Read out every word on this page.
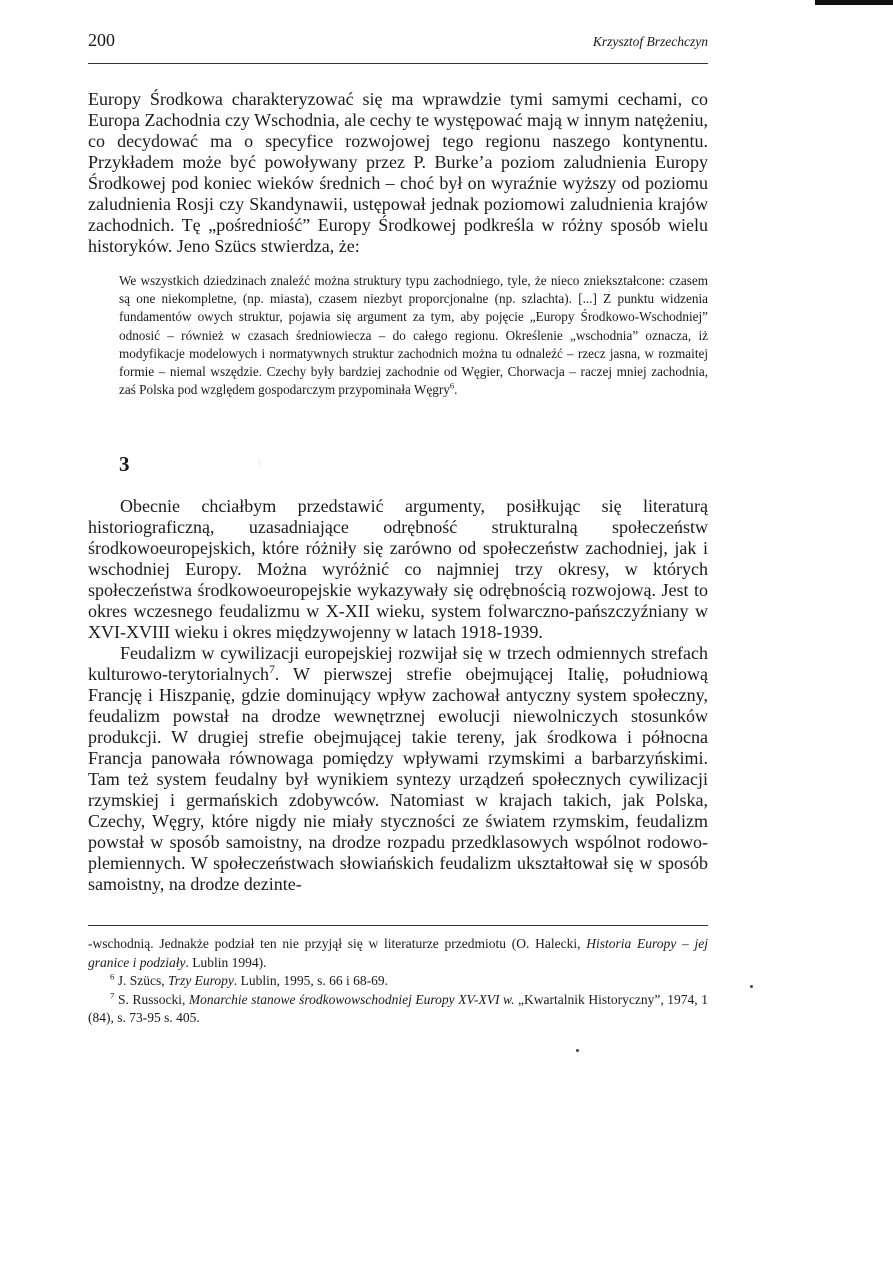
200	Krzysztof Brzechczyn

Europy Środkowa charakteryzować się ma wprawdzie tymi samymi cechami, co Europa Zachodnia czy Wschodnia, ale cechy te występować mają w innym natężeniu, co decydować ma o specyfice rozwojowej tego regionu naszego kontynentu. Przykładem może być powoływany przez P. Burke’a poziom zaludnienia Europy Środkowej pod koniec wieków średnich – choć był on wyraźnie wyższy od poziomu zaludnienia Rosji czy Skandynawii, ustępował jednak poziomowi zaludnienia krajów zachodnich. Tę „pośredniość” Europy Środkowej podkreśla w różny sposób wielu historyków. Jeno Szücs stwierdza, że:

We wszystkich dziedzinach znaleźć można struktury typu zachodniego, tyle, że nieco zniekształcone: czasem są one niekompletne, (np. miasta), czasem niezbyt proporcjonalne (np. szlachta). [...] Z punktu widzenia fundamentów owych struktur, pojawia się argument za tym, aby pojęcie „Europy Środkowo-Wschodniej” odnosić – również w czasach średniowiecza – do całego regionu. Określenie „wschodnia” oznacza, iż modyfikacje modelowych i normatywnych struktur zachodnich można tu odnaleźć – rzecz jasna, w rozmaitej formie – niemal wszędzie. Czechy były bardziej zachodnie od Węgier, Chorwacja – raczej mniej zachodnia, zaś Polska pod względem gospodarczym przypominała Węgry$^6$.
3	\

Obecnie chciałbym przedstawić argumenty, posiłkując się literaturą historiograficzną, uzasadniające odrębność strukturalną społeczeństw środkowoeuropejskich, które różniły się zarówno od społeczeństw zachodniej, jak i wschodniej Europy. Można wyróżnić co najmniej trzy okresy, w których społeczeństwa środkowoeuropejskie wykazywały się odrębnością rozwojową. Jest to okres wczesnego feudalizmu w X-XII wieku, system folwarczno-pańszczyźniany w XVI-XVIII wieku i okres międzywojenny w latach 1918-1939.

Feudalizm w cywilizacji europejskiej rozwijał się w trzech odmiennych strefach kulturowo-terytorialnych$^7$. W pierwszej strefie obejmującej Italię, południową Francję i Hiszpanię, gdzie dominujący wpływ zachował antyczny system społeczny, feudalizm powstał na drodze wewnętrznej ewolucji niewolniczych stosunków produkcji. W drugiej strefie obejmującej takie tereny, jak środkowa i północna Francja panowała równowaga pomiędzy wpływami rzymskimi a barbarzyńskimi. Tam też system feudalny był wynikiem syntezy urządzeń społecznych cywilizacji rzymskiej i germańskich zdobywców. Natomiast w krajach takich, jak Polska, Czechy, Węgry, które nigdy nie miały styczności ze światem rzymskim, feudalizm powstał w sposób samoistny, na drodze rozpadu przedklasowych wspólnot rodowo-plemiennych. W społeczeństwach słowiańskich feudalizm ukształtował się w sposób samoistny, na drodze dezinte-

-wschodnią. Jednakże podział ten nie przyjął się w literaturze przedmiotu (O. Halecki, Historia Europy – jej granice i podziały. Lublin 1994).

$^6$ J. Szücs, Trzy Europy. Lublin, 1995, s. 66 i 68-69.

$^7$ S. Russocki, Monarchie stanowe środkowowschodniej Europy XV-XVI w. „Kwartalnik Historyczny”, 1974, 1 (84), s. 73-95 s. 405.
